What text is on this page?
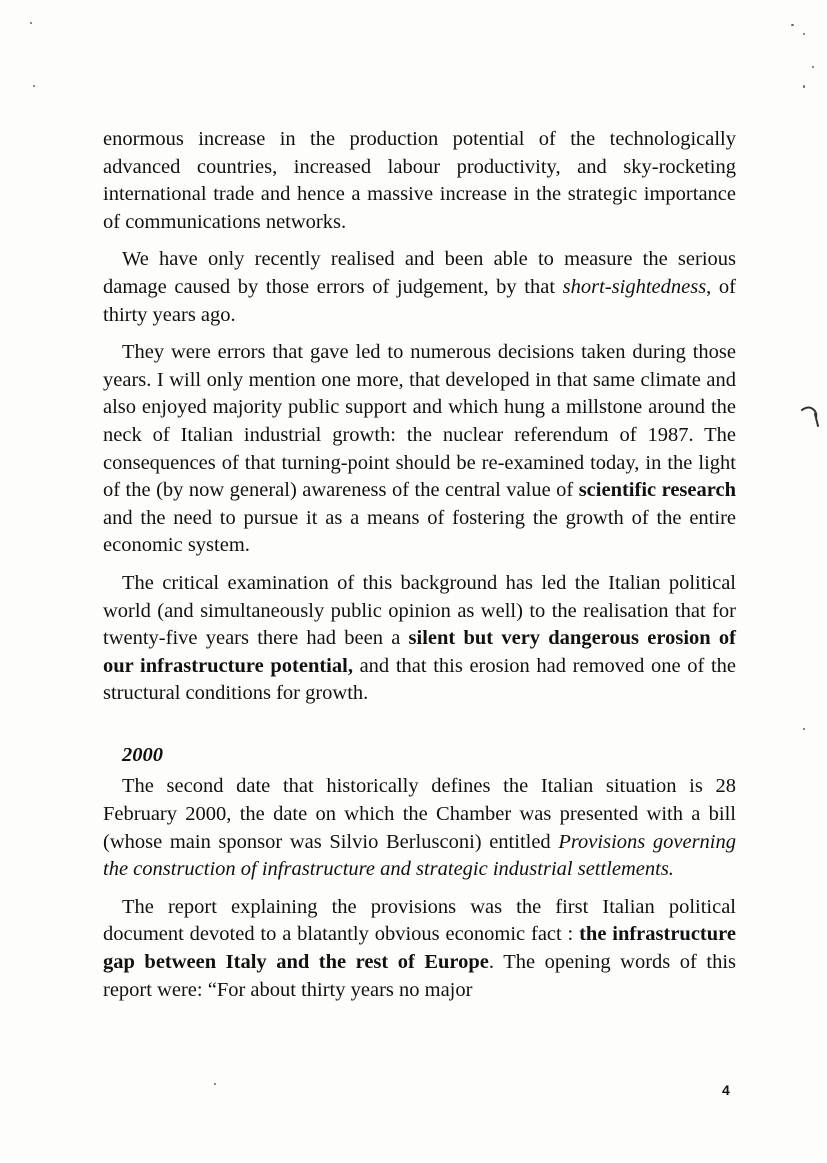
enormous increase in the production potential of the technologically advanced countries, increased labour productivity, and sky-rocketing international trade and hence a massive increase in the strategic importance of communications networks.

We have only recently realised and been able to measure the serious damage caused by those errors of judgement, by that short-sightedness, of thirty years ago.

They were errors that gave led to numerous decisions taken during those years. I will only mention one more, that developed in that same climate and also enjoyed majority public support and which hung a millstone around the neck of Italian industrial growth: the nuclear referendum of 1987. The consequences of that turning-point should be re-examined today, in the light of the (by now general) awareness of the central value of scientific research and the need to pursue it as a means of fostering the growth of the entire economic system.

The critical examination of this background has led the Italian political world (and simultaneously public opinion as well) to the realisation that for twenty-five years there had been a silent but very dangerous erosion of our infrastructure potential, and that this erosion had removed one of the structural conditions for growth.

2000

The second date that historically defines the Italian situation is 28 February 2000, the date on which the Chamber was presented with a bill (whose main sponsor was Silvio Berlusconi) entitled Provisions governing the construction of infrastructure and strategic industrial settlements.

The report explaining the provisions was the first Italian political document devoted to a blatantly obvious economic fact : the infrastructure gap between Italy and the rest of Europe. The opening words of this report were: “For about thirty years no major

4
